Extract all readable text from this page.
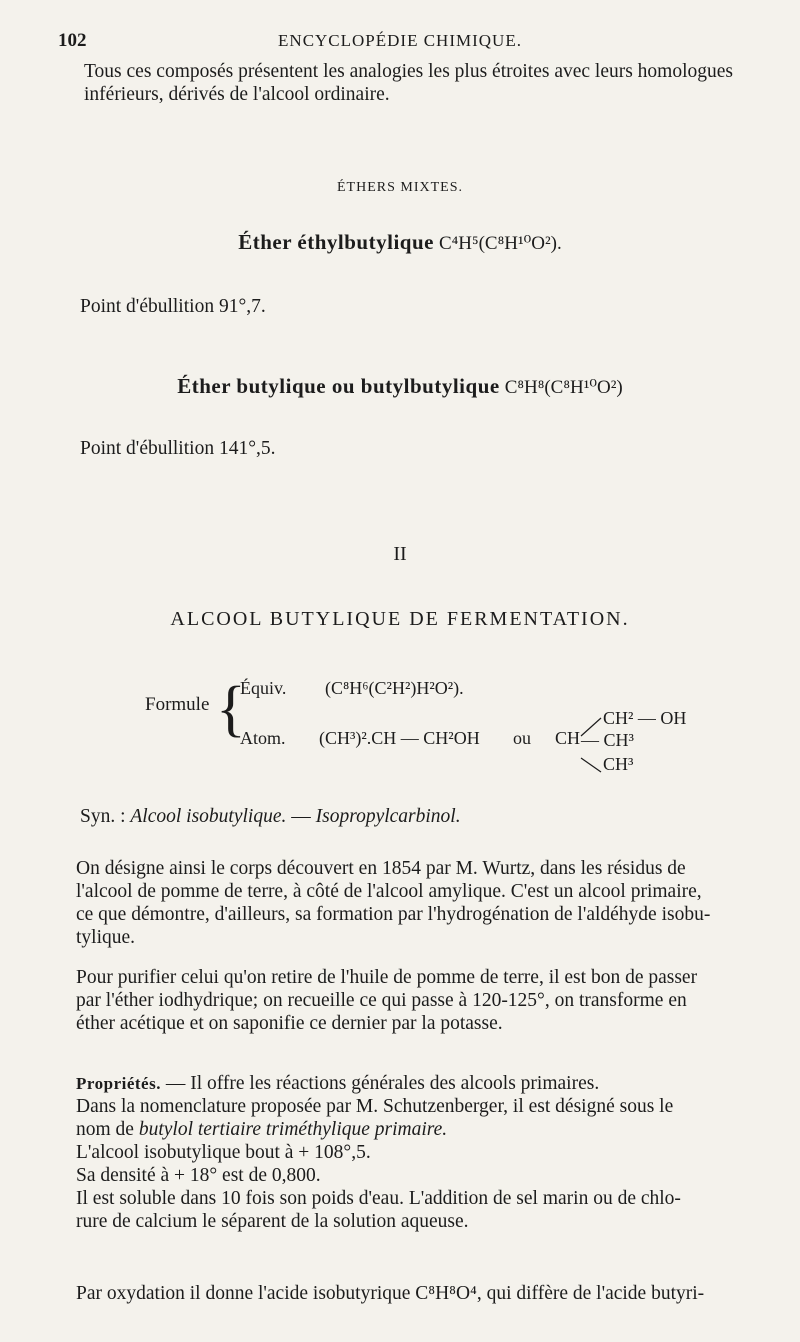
102	ENCYCLOPÉDIE CHIMIQUE.
Tous ces composés présentent les analogies les plus étroites avec leurs homologues
inférieurs, dérivés de l'alcool ordinaire.
ÉTHERS MIXTES.
Éther éthylbutylique C⁴H⁵(C⁸H¹⁰O²).
Point d'ébullition 91°,7.
Éther butylique ou butylbutylique C⁸H⁸(C⁸H¹⁰O²)
Point d'ébullition 141°,5.
II
ALCOOL BUTYLIQUE DE FERMENTATION.
Formule {
Équiv. (C⁸H⁶(C²H²)H²O²).
Atom. (CH³)².CH — CH²OH ou CH
CH² — OH
— CH³
CH³
Syn. : Alcool isobutylique. — Isopropylcarbinol.
On désigne ainsi le corps découvert en 1854 par M. Wurtz, dans les résidus de
l'alcool de pomme de terre, à côté de l'alcool amylique. C'est un alcool primaire,
ce que démontre, d'ailleurs, sa formation par l'hydrogénation de l'aldéhyde isobu-
tylique.
Pour purifier celui qu'on retire de l'huile de pomme de terre, il est bon de passer
par l'éther iodhydrique; on recueille ce qui passe à 120-125°, on transforme en
éther acétique et on saponifie ce dernier par la potasse.
Propriétés. — Il offre les réactions générales des alcools primaires.
Dans la nomenclature proposée par M. Schutzenberger, il est désigné sous le
nom de butylol tertiaire triméthylique primaire.
L'alcool isobutylique bout à + 108°,5.
Sa densité à + 18° est de 0,800.
Il est soluble dans 10 fois son poids d'eau. L'addition de sel marin ou de chlo-
rure de calcium le séparent de la solution aqueuse.
Par oxydation il donne l'acide isobutyrique C⁸H⁸O⁴, qui diffère de l'acide butyri-
